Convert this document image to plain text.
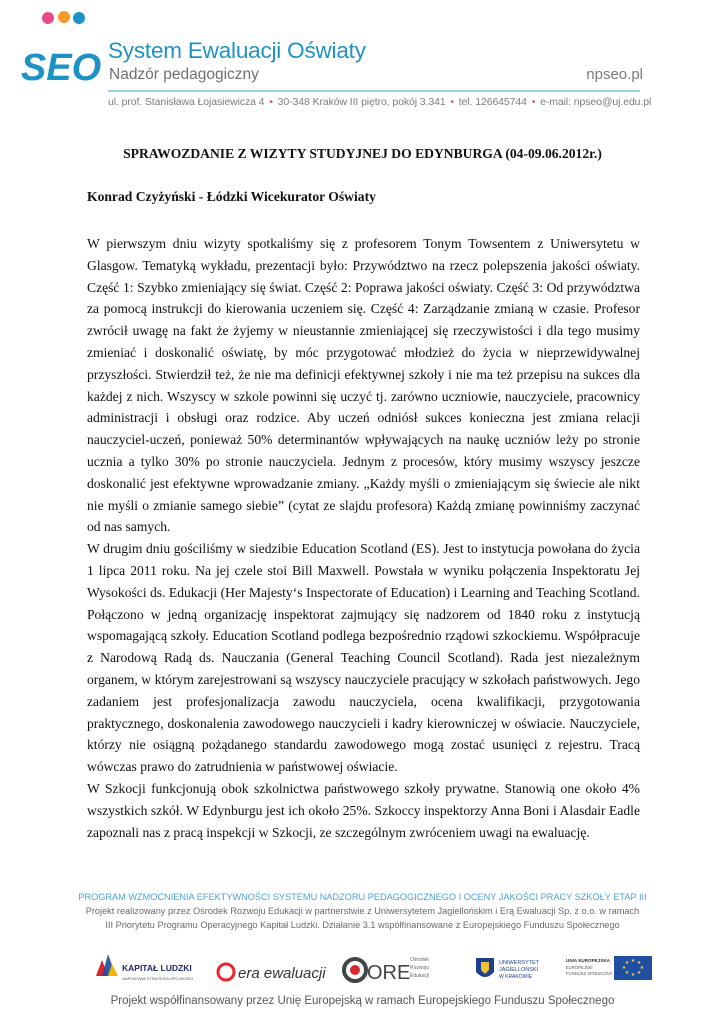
SEO System Ewaluacji Oświaty
Nadzór pedagogiczny	npseo.pl
ul. prof. Stanisława Łojasiewicza 4 • 30-348 Kraków III piętro, pokój 3.341 • tel. 126645744 • e-mail: npseo@uj.edu.pl
SPRAWOZDANIE Z WIZYTY STUDYJNEJ DO EDYNBURGA (04-09.06.2012r.)
Konrad Czyżyński - Łódzki Wicekurator Oświaty

W pierwszym dniu wizyty spotkaliśmy się z profesorem Tonym Towsentem z Uniwersytetu w Glasgow. Tematyką wykładu, prezentacji było: Przywództwo na rzecz polepszenia jakości oświaty. Część 1: Szybko zmieniający się świat. Część 2: Poprawa jakości oświaty. Część 3: Od przywództwa za pomocą instrukcji do kierowania uczeniem się. Część 4: Zarządzanie zmianą w czasie. Profesor zwrócił uwagę na fakt że żyjemy w nieustannie zmieniającej się rzeczywistości i dla tego musimy zmieniać i doskonalić oświatę, by móc przygotować młodzież do życia w nieprzewidywalnej przyszłości. Stwierdził też, że nie ma definicji efektywnej szkoły i nie ma też przepisu na sukces dla każdej z nich. Wszyscy w szkole powinni się uczyć tj. zarówno uczniowie, nauczyciele, pracownicy administracji i obsługi oraz rodzice. Aby uczeń odniósł sukces konieczna jest zmiana relacji nauczyciel-uczeń, ponieważ 50% determinantów wpływających na naukę uczniów leży po stronie ucznia a tylko 30% po stronie nauczyciela. Jednym z procesów, który musimy wszyscy jeszcze doskonalić jest efektywne wprowadzanie zmiany. „Każdy myśli o zmieniającym się świecie ale nikt nie myśli o zmianie samego siebie” (cytat ze slajdu profesora) Każdą zmianę powinniśmy zaczynać od nas samych.

W drugim dniu gościliśmy w siedzibie Education Scotland (ES). Jest to instytucja powołana do życia 1 lipca 2011 roku. Na jej czele stoi Bill Maxwell. Powstała w wyniku połączenia Inspektoratu Jej Wysokości ds. Edukacji (Her Majesty‘s Inspectorate of Education) i Learning and Teaching Scotland. Połączono w jedną organizację inspektorat zajmujący się nadzorem od 1840 roku z instytucją wspomagającą szkoły. Education Scotland podlega bezpośrednio rządowi szkockiemu. Współpracuje z Narodową Radą ds. Nauczania (General Teaching Council Scotland). Rada jest niezależnym organem, w którym zarejestrowani są wszyscy nauczyciele pracujący w szkołach państwowych. Jego zadaniem jest profesjonalizacja zawodu nauczyciela, ocena kwalifikacji, przygotowania praktycznego, doskonalenia zawodowego nauczycieli i kadry kierowniczej w oświacie. Nauczyciele, którzy nie osiągną pożądanego standardu zawodowego mogą zostać usunięci z rejestru. Tracą wówczas prawo do zatrudnienia w państwowej oświacie.

W Szkocji funkcjonują obok szkolnictwa państwowego szkoły prywatne. Stanowią one około 4% wszystkich szkół. W Edynburgu jest ich około 25%. Szkoccy inspektorzy Anna Boni i Alasdair Eadle zapoznali nas z pracą inspekcji w Szkocji, ze szczególnym zwróceniem uwagi na ewaluację.

PROGRAM WZMOCNIENIA EFEKTYWNOŚCI SYSTEMU NADZORU PEDAGOGICZNEGO I OCENY JAKOŚCI PRACY SZKOŁY ETAP III
Projekt realizowany przez Ośrodek Rozwoju Edukacji w partnerstwie z Uniwersytetem Jagiellońskim i Erą Ewaluacji Sp. z o.o. w ramach
III Priorytetu Programu Operacyjnego Kapitał Ludzki. Działanie 3.1 współfinansowane z Europejskiego Funduszu Społecznego
KAPITAŁ LUDZKI
NARODOWA STRATEGIA SPÓJNOŚCI	era ewaluacji ORE
Ośrodek
Rozwoju
Edukacji
UNIWERSYTET
JAGIELLOŃSKI
W KRAKOWIE
UNIA EUROPEJSKA
EUROPEJSKI
FUNDUSZ SPOŁECZNY
★ ★
★
★
★
★
★
★
Projekt współfinansowany przez Unię Europejską w ramach Europejskiego Funduszu Społecznego
